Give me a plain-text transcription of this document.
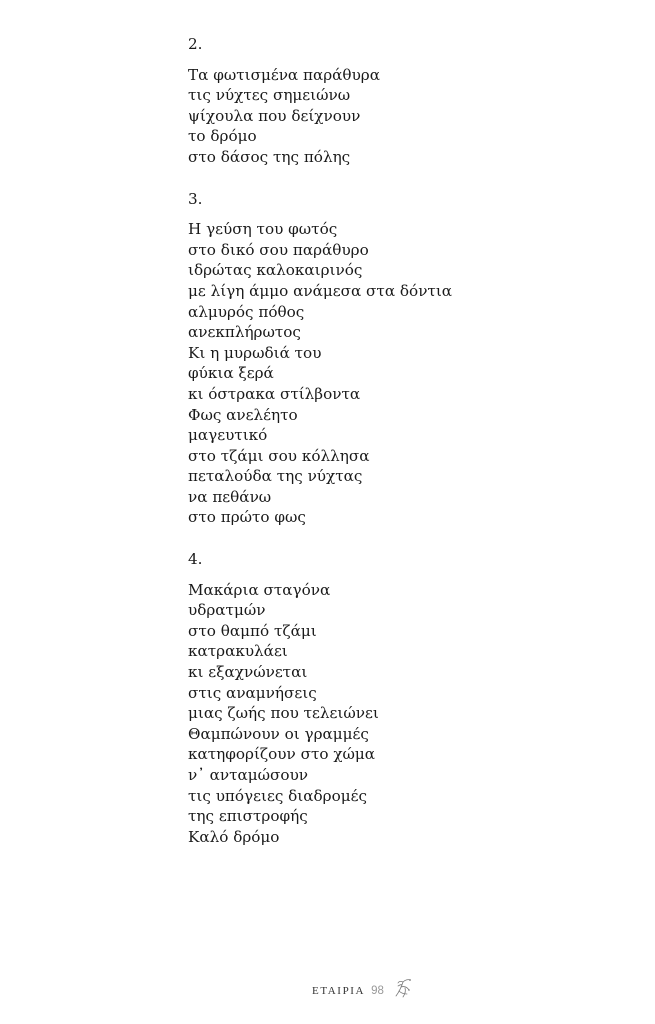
2.
Τα φωτισμένα παράθυρα
τις νύχτες σημειώνω
ψίχουλα που δείχνουν
το δρόμο
στο δάσος της πόλης
3.
Η γεύση του φωτός
στο δικό σου παράθυρο
ιδρώτας καλοκαιρινός
με λίγη άμμο ανάμεσα στα δόντια
αλμυρός πόθος
ανεκπλήρωτος
Κι η μυρωδιά του
φύκια ξερά
κι όστρακα στίλβοντα
Φως ανελέητο
μαγευτικό
στο τζάμι σου κόλλησα
πεταλούδα της νύχτας
να πεθάνω
στο πρώτο φως
4.
Μακάρια σταγόνα
υδρατμών
στο θαμπό τζάμι
κατρακυλάει
κι εξαχνώνεται
στις αναμνήσεις
μιας ζωής που τελειώνει
Θαμπώνουν οι γραμμές
κατηφορίζουν στο χώμα
ν᾽ ανταμώσουν
τις υπόγειες διαδρομές
της επιστροφής
Καλό δρόμο
ΕΤΑΙΡΙΑ 98
